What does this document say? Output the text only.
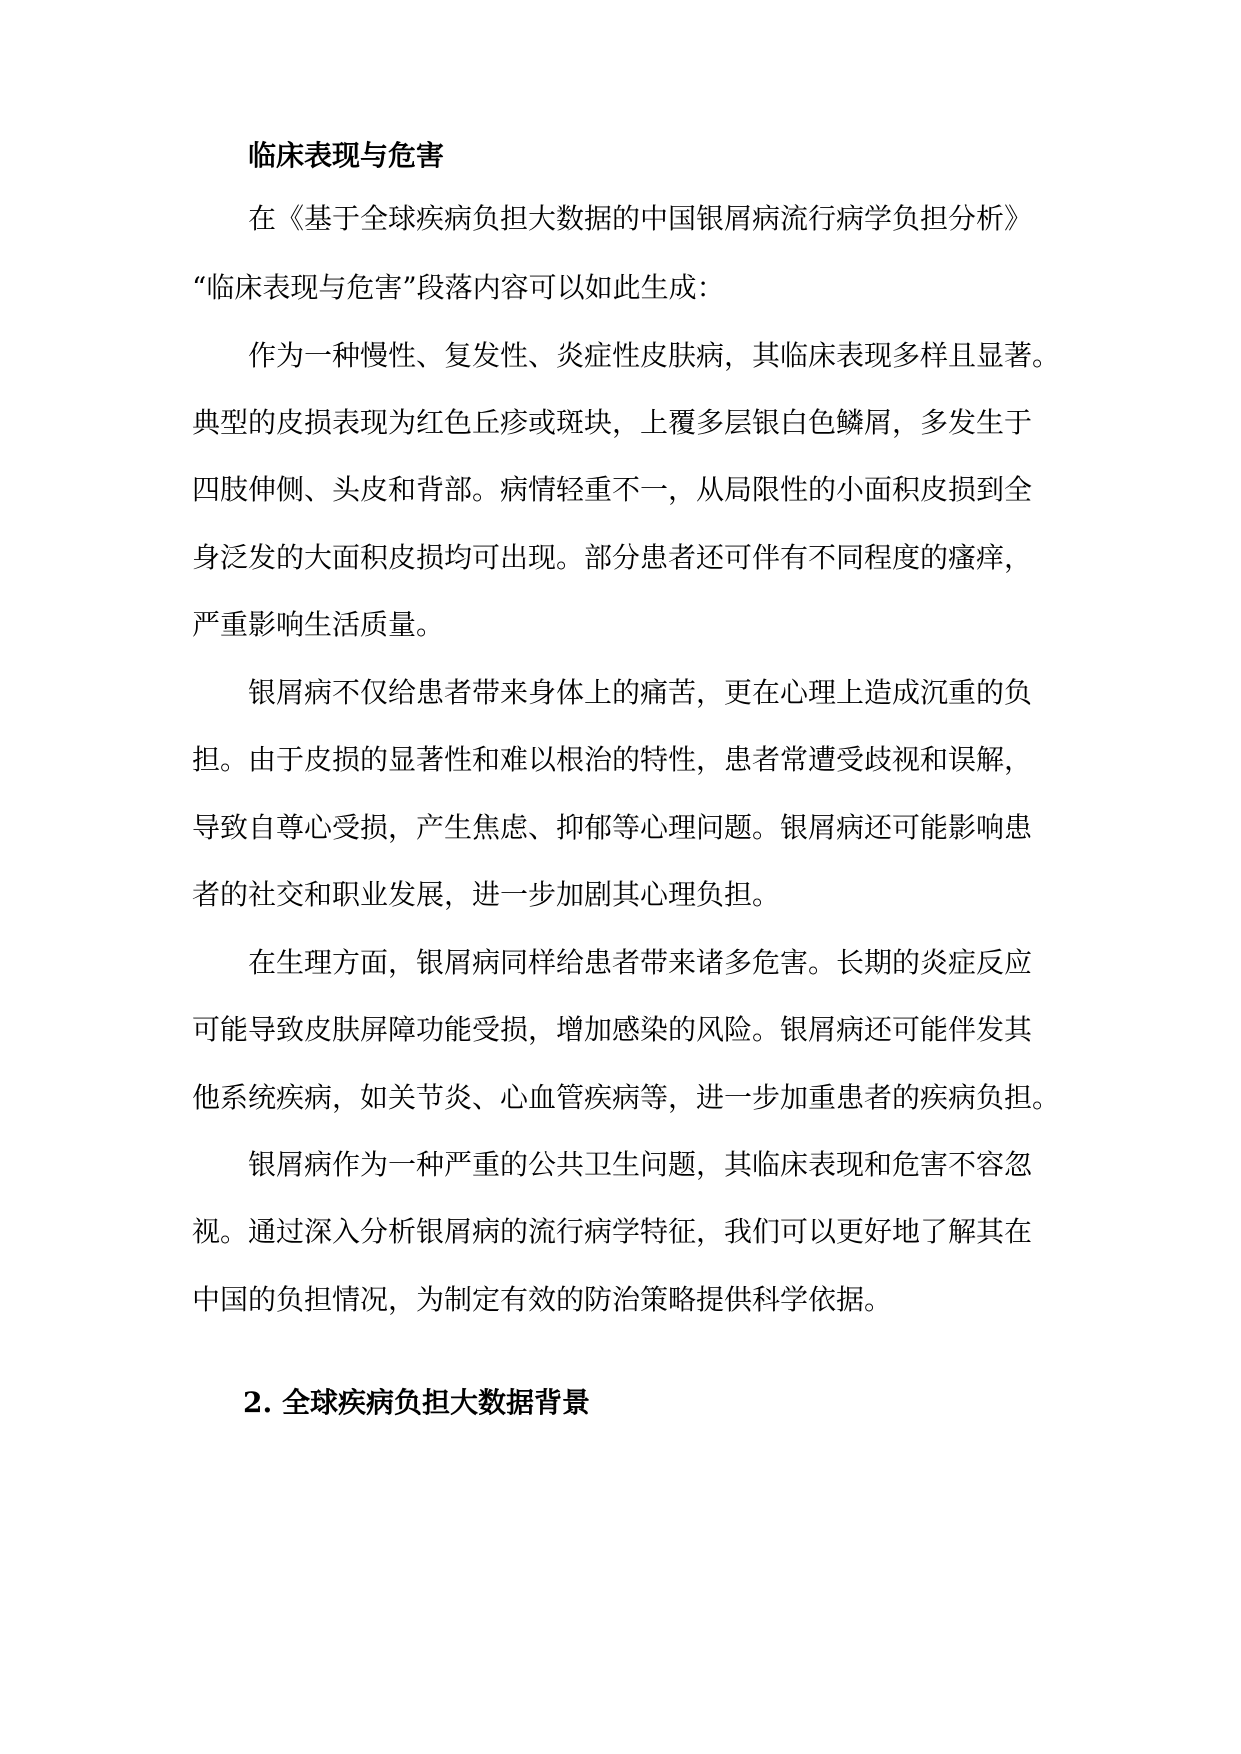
临床表现与危害
在《基于全球疾病负担大数据的中国银屑病流行病学负担分析》
“临床表现与危害”段落内容可以如此生成：
作为一种慢性、复发性、炎症性皮肤病，其临床表现多样且显著。
典型的皮损表现为红色丘疹或斑块，上覆多层银白色鳞屑，多发生于
四肢伸侧、头皮和背部。病情轻重不一，从局限性的小面积皮损到全
身泛发的大面积皮损均可出现。部分患者还可伴有不同程度的瘙痒，
严重影响生活质量。
银屑病不仅给患者带来身体上的痛苦，更在心理上造成沉重的负
担。由于皮损的显著性和难以根治的特性，患者常遭受歧视和误解，
导致自尊心受损，产生焦虑、抑郁等心理问题。银屑病还可能影响患
者的社交和职业发展，进一步加剧其心理负担。
在生理方面，银屑病同样给患者带来诸多危害。长期的炎症反应
可能导致皮肤屏障功能受损，增加感染的风险。银屑病还可能伴发其
他系统疾病，如关节炎、心血管疾病等，进一步加重患者的疾病负担。
银屑病作为一种严重的公共卫生问题，其临床表现和危害不容忽
视。通过深入分析银屑病的流行病学特征，我们可以更好地了解其在
中国的负担情况，为制定有效的防治策略提供科学依据。
2. 全球疾病负担大数据背景
